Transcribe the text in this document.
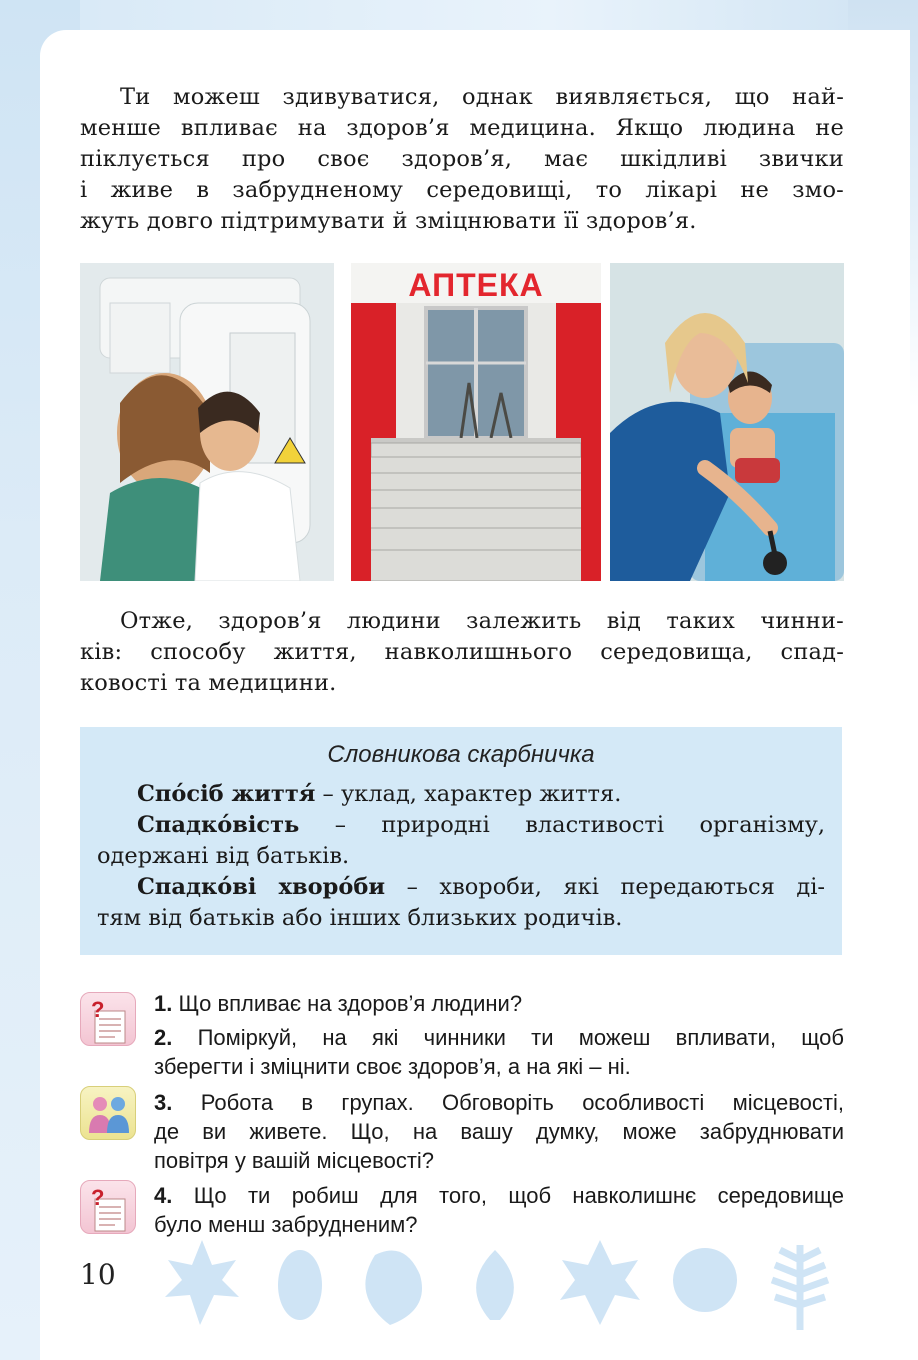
Ти можеш здивуватися, однак виявляється, що най-
менше впливає на здоров’я медицина. Якщо людина не
піклується про своє здоров’я, має шкідливі звички
і живе в забрудненому середовищі, то лікарі не змо-
жуть довго підтримувати й зміцнювати її здоров’я.

АПТЕКА

Отже, здоров’я людини залежить від таких чинни-
ків: способу життя, навколишнього середовища, спад-
ковості та медицини.

Словникова скарбничка
Спо́сіб життя́ – уклад, характер життя.
Спадко́вість – природні властивості організму,
одержані від батьків.
Спадко́ві хворо́би – хвороби, які передаються ді-
тям від батьків або інших близьких родичів.
?
?
1. Що впливає на здоров’я людини?
2. Поміркуй, на які чинники ти можеш впливати, щоб
зберегти і зміцнити своє здоров’я, а на які – ні.
3. Робота в групах. Обговоріть особливості місцевості,
де ви живете. Що, на вашу думку, може забруднювати
повітря у вашій місцевості?
4. Що ти робиш для того, щоб навколишнє середовище
було менш забрудненим?
10
